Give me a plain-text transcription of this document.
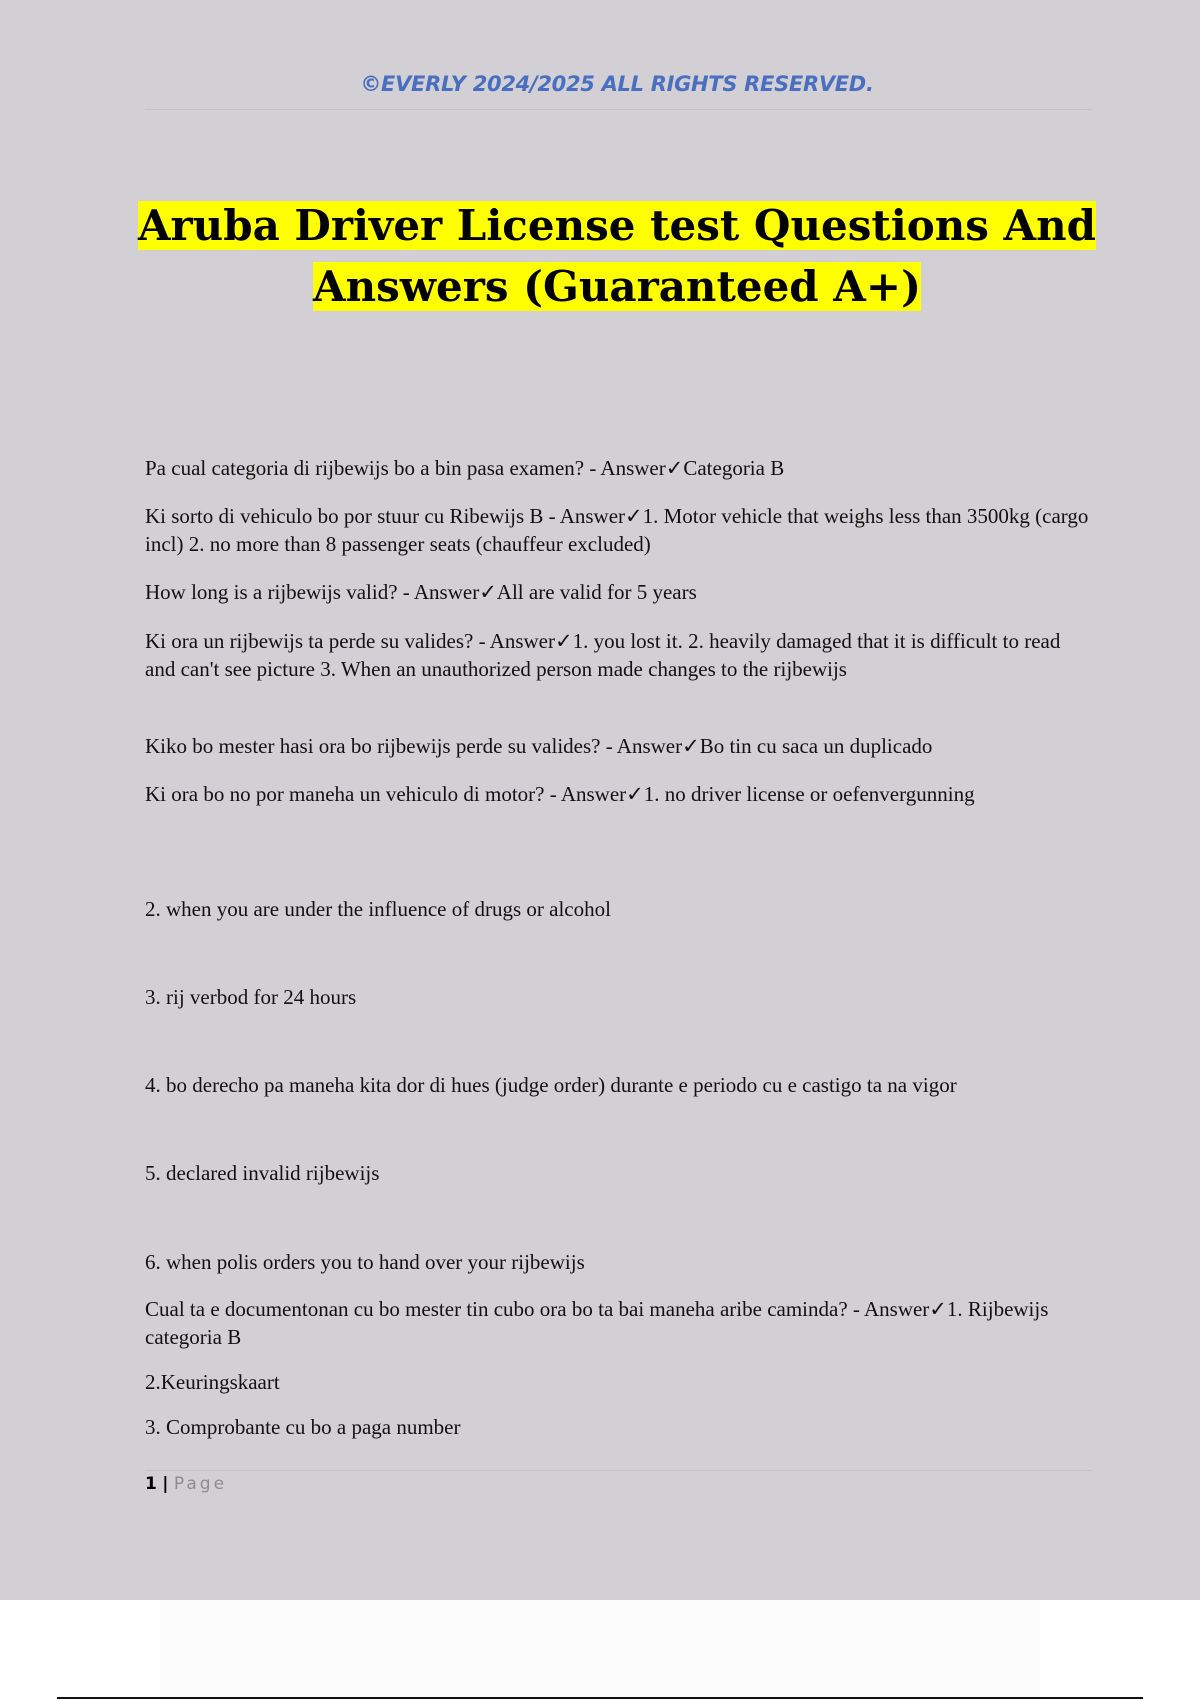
©EVERLY 2024/2025 ALL RIGHTS RESERVED.
Aruba Driver License test Questions And
Answers (Guaranteed A+)
Pa cual categoria di rijbewijs bo a bin pasa examen? - Answer✓Categoria B
Ki sorto di vehiculo bo por stuur cu Ribewijs B - Answer✓1. Motor vehicle that weighs less than 3500kg (cargo incl) 2. no more than 8 passenger seats (chauffeur excluded)
How long is a rijbewijs valid? - Answer✓All are valid for 5 years
Ki ora un rijbewijs ta perde su valides? - Answer✓1. you lost it. 2. heavily damaged that it is difficult to read and can't see picture 3. When an unauthorized person made changes to the rijbewijs
Kiko bo mester hasi ora bo rijbewijs perde su valides? - Answer✓Bo tin cu saca un duplicado
Ki ora bo no por maneha un vehiculo di motor? - Answer✓1. no driver license or oefenvergunning
2. when you are under the influence of drugs or alcohol
3. rij verbod for 24 hours
4. bo derecho pa maneha kita dor di hues (judge order) durante e periodo cu e castigo ta na vigor
5. declared invalid rijbewijs
6. when polis orders you to hand over your rijbewijs
Cual ta e documentonan cu bo mester tin cubo ora bo ta bai maneha aribe caminda? - Answer✓1. Rijbewijs categoria B
2.Keuringskaart
3. Comprobante cu bo a paga number
1 | Page
